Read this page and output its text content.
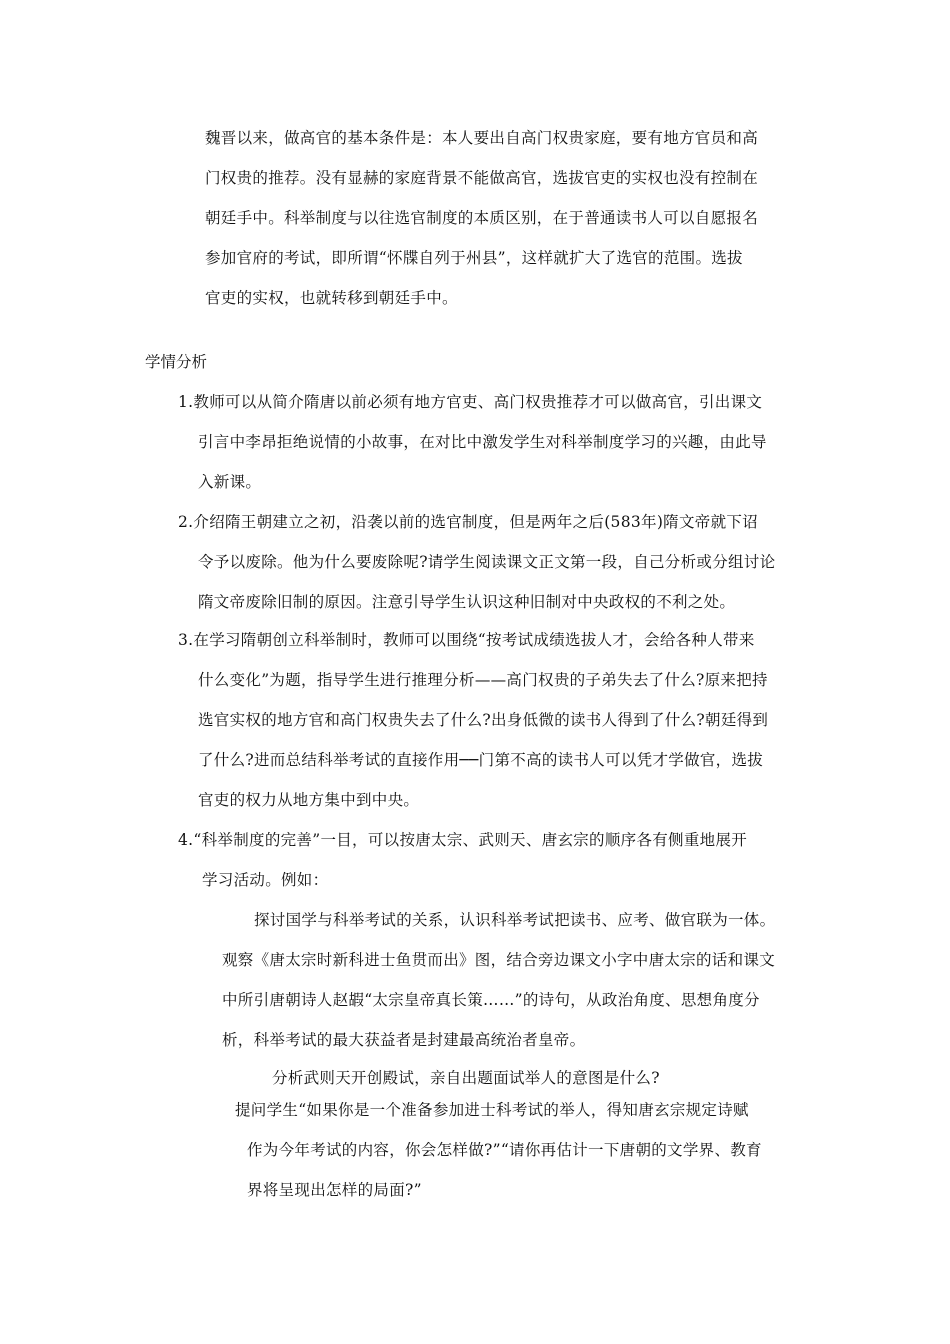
魏晋以来，做高官的基本条件是：本人要出自高门权贵家庭，要有地方官员和高
门权贵的推荐。没有显赫的家庭背景不能做高官，选拔官吏的实权也没有控制在
朝廷手中。科举制度与以往选官制度的本质区别，在于普通读书人可以自愿报名
参加官府的考试，即所谓“怀牒自列于州县”，这样就扩大了选官的范围。选拔
官吏的实权，也就转移到朝廷手中。
学情分析
1.教师可以从简介隋唐以前必须有地方官吏、高门权贵推荐才可以做高官，引出课文
引言中李昂拒绝说情的小故事，在对比中激发学生对科举制度学习的兴趣，由此导
入新课。
2.介绍隋王朝建立之初，沿袭以前的选官制度，但是两年之后(583年)隋文帝就下诏
令予以废除。他为什么要废除呢?请学生阅读课文正文第一段，自己分析或分组讨论
隋文帝废除旧制的原因。注意引导学生认识这种旧制对中央政权的不利之处。
3.在学习隋朝创立科举制时，教师可以围绕“按考试成绩选拔人才，会给各种人带来
什么变化”为题，指导学生进行推理分析——高门权贵的子弟失去了什么?原来把持
选官实权的地方官和高门权贵失去了什么?出身低微的读书人得到了什么?朝廷得到
了什么?进而总结科举考试的直接作用──门第不高的读书人可以凭才学做官，选拔
官吏的权力从地方集中到中央。
4.“科举制度的完善”一目，可以按唐太宗、武则天、唐玄宗的顺序各有侧重地展开
学习活动。例如：
探讨国学与科举考试的关系，认识科举考试把读书、应考、做官联为一体。
观察《唐太宗时新科进士鱼贯而出》图，结合旁边课文小字中唐太宗的话和课文
中所引唐朝诗人赵嘏“太宗皇帝真长策……”的诗句，从政治角度、思想角度分
析，科举考试的最大获益者是封建最高统治者皇帝。
分析武则天开创殿试，亲自出题面试举人的意图是什么?
提问学生“如果你是一个准备参加进士科考试的举人，得知唐玄宗规定诗赋
作为今年考试的内容，你会怎样做?”“请你再估计一下唐朝的文学界、教育
界将呈现出怎样的局面?”
